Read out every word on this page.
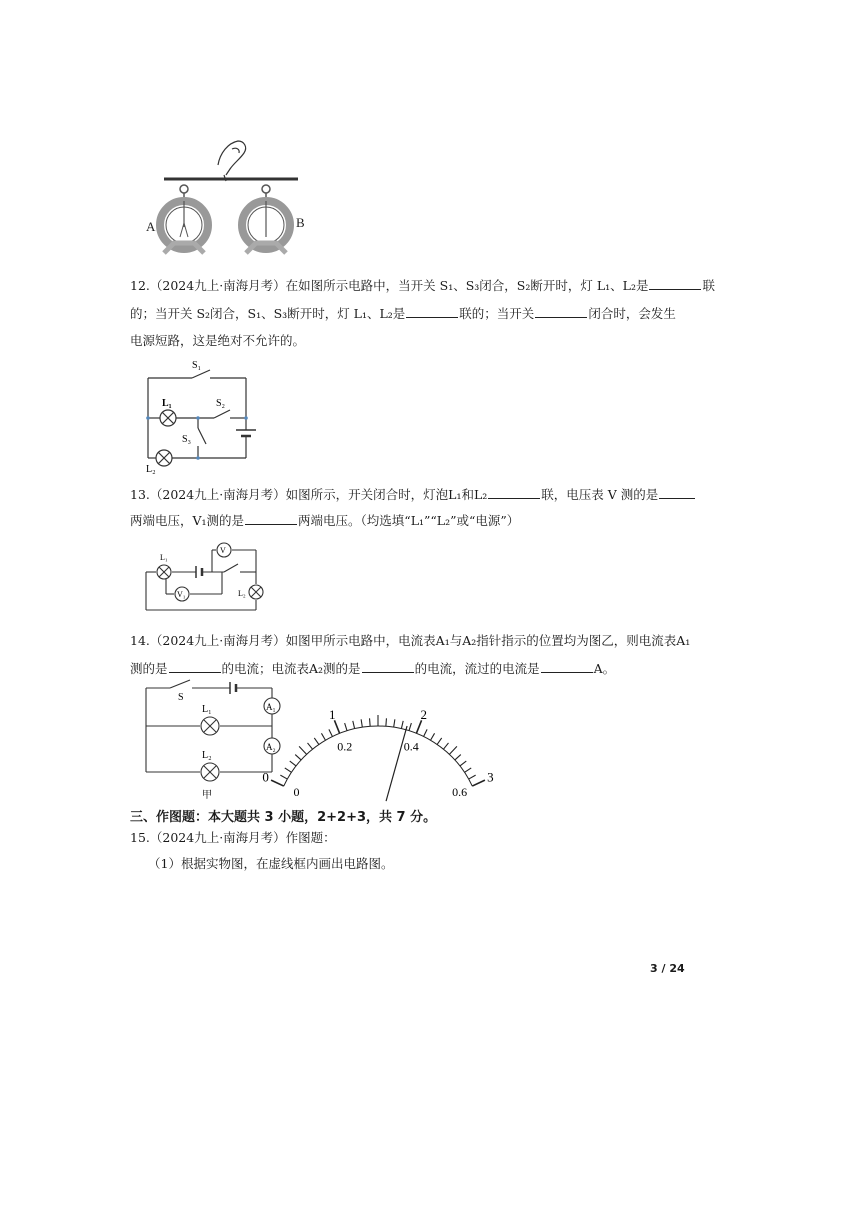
A	B
12.（2024九上·南海月考）在如图所示电路中，当开关 S₁、S₃闭合，S₂断开时，灯 L₁、L₂是	联
的；当开关 S₂闭合，S₁、S₃断开时，灯 L₁、L₂是	联的；当开关	闭合时，会发生
电源短路，这是绝对不允许的。
S₁
S₂
S₃
L₁
L₂
13.（2024九上·南海月考）如图所示，开关闭合时，灯泡L₁和L₂	联，电压表 V 测的是
两端电压，V₁测的是	两端电压。（均选填“L₁”“L₂”或“电源”）
V
V₁
L₁
L₂
14.（2024九上·南海月考）如图甲所示电路中，电流表A₁与A₂指针指示的位置均为图乙，则电流表A₁
测的是	的电流；电流表A₂测的是	的电流，流过的电流是	A。
A₁
A₂
S
L₁
L₂
甲
0
1	2
3
0
0.2	0.4
0.6
三、作图题：本大题共 3 小题，2+2+3，共 7 分。
15.（2024九上·南海月考）作图题：
（1）根据实物图，在虚线框内画出电路图。
3 / 24
